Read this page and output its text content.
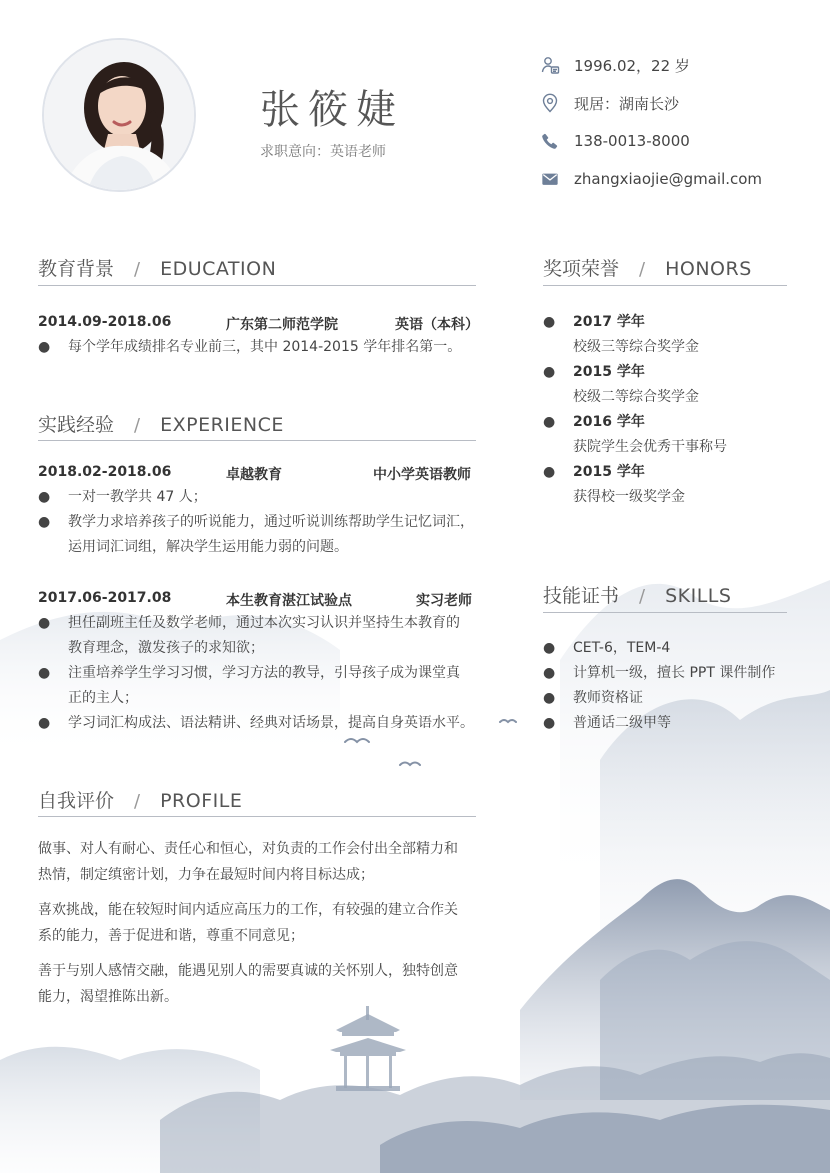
张筱婕
求职意向：英语老师
1996.02，22 岁
现居：湖南长沙
138-0013-8000
zhangxiaojie@gmail.com
教育背景 / EDUCATION
2014.09-2018.06	广东第二师范学院	英语（本科）
●	每个学年成绩排名专业前三，其中 2014-2015 学年排名第一。
实践经验 / EXPERIENCE
2018.02-2018.06	卓越教育	中小学英语教师
●	一对一教学共 47 人；
●	教学力求培养孩子的听说能力，通过听说训练帮助学生记忆词汇，
运用词汇词组，解决学生运用能力弱的问题。
2017.06-2017.08	本生教育湛江试验点	实习老师
●	担任副班主任及数学老师，通过本次实习认识并坚持生本教育的
教育理念，激发孩子的求知欲；
●	注重培养学生学习习惯，学习方法的教导，引导孩子成为课堂真
正的主人；
●	学习词汇构成法、语法精讲、经典对话场景，提高自身英语水平。
自我评价 / PROFILE
做事、对人有耐心、责任心和恒心，对负责的工作会付出全部精力和
热情，制定缜密计划，力争在最短时间内将目标达成；
喜欢挑战，能在较短时间内适应高压力的工作，有较强的建立合作关
系的能力，善于促进和谐，尊重不同意见；
善于与别人感情交融，能遇见别人的需要真诚的关怀别人，独特创意
能力，渴望推陈出新。
奖项荣誉 / HONORS
●	2017 学年
校级三等综合奖学金
●	2015 学年
校级二等综合奖学金
●	2016 学年
获院学生会优秀干事称号
●	2015 学年
获得校一级奖学金
技能证书 / SKILLS
●	CET-6，TEM-4
●	计算机一级，擅长 PPT 课件制作
●	教师资格证
●	普通话二级甲等
